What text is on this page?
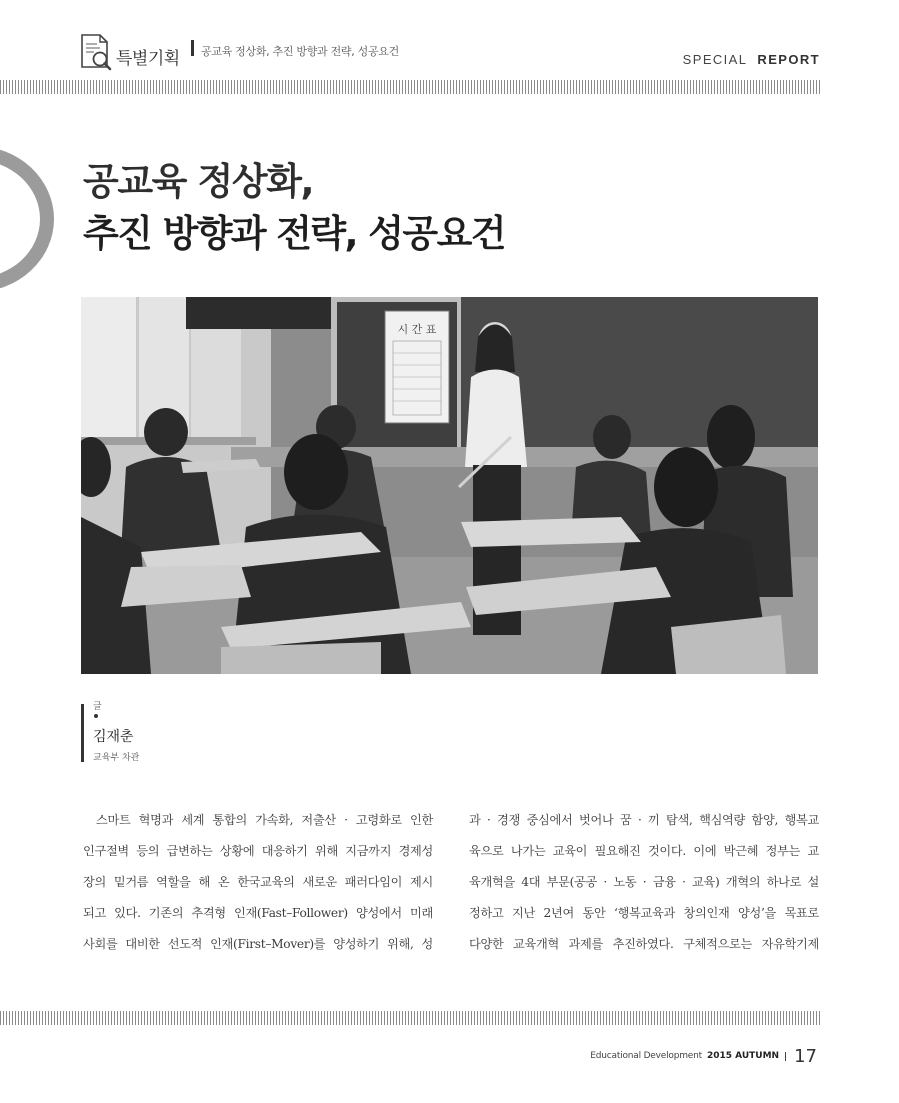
특별기획 공교육 정상화, 추진 방향과 전략, 성공요건
SPECIAL REPORT
공교육 정상화,
추진 방향과 전략, 성공요건
시 간 표
글
김재춘
교육부 차관
스마트 혁명과 세계 통합의 가속화, 저출산 · 고령화로 인한
인구절벽 등의 급변하는 상황에 대응하기 위해 지금까지 경제성
장의 밑거름 역할을 해 온 한국교육의 새로운 패러다임이 제시
되고 있다. 기존의 추격형 인재(Fast–Follower) 양성에서 미래
사회를 대비한 선도적 인재(First–Mover)를 양성하기 위해, 성
과 · 경쟁 중심에서 벗어나 꿈 · 끼 탐색, 핵심역량 함양, 행복교
육으로 나가는 교육이 필요해진 것이다. 이에 박근혜 정부는 교
육개혁을 4대 부문(공공 · 노동 · 금융 · 교육) 개혁의 하나로 설
정하고 지난 2년여 동안 ‘행복교육과 창의인재 양성’을 목표로
다양한 교육개혁 과제를 추진하였다. 구체적으로는 자유학기제
Educational Development 2015 AUTUMN 17
